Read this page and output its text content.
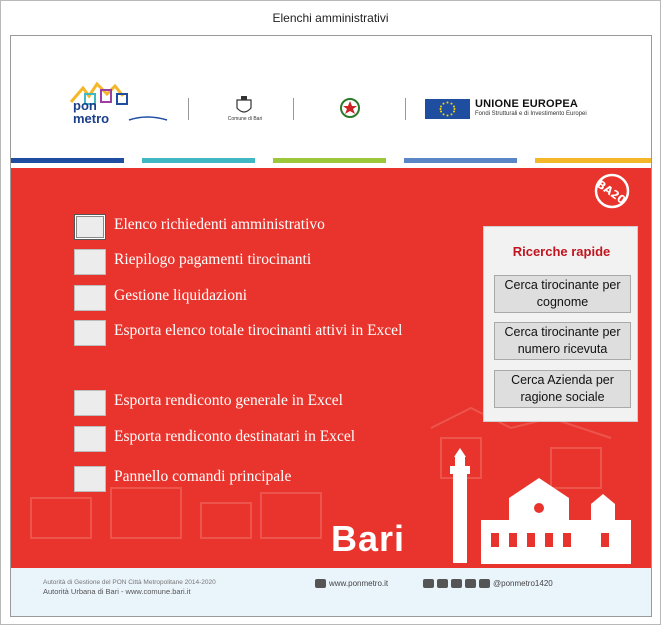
Elenchi amministrativi
pon
metro	Comune di Bari
UNIONE EUROPEA
Fondi Strutturali e di Investimento Europei
BA20
Elenco richiedenti amministrativo
Riepilogo pagamenti tirocinanti
Gestione liquidazioni
Esporta elenco totale tirocinanti attivi in Excel
Esporta rendiconto generale in Excel
Esporta rendiconto destinatari in Excel
Pannello comandi principale
Ricerche rapide
Cerca tirocinante per cognome
Cerca tirocinante per numero ricevuta
Cerca Azienda per ragione sociale
Bari
Autorità di Gestione del PON Città Metropolitane 2014-2020
Autorità Urbana di Bari - www.comune.bari.it
www.ponmetro.it	@ponmetro1420
